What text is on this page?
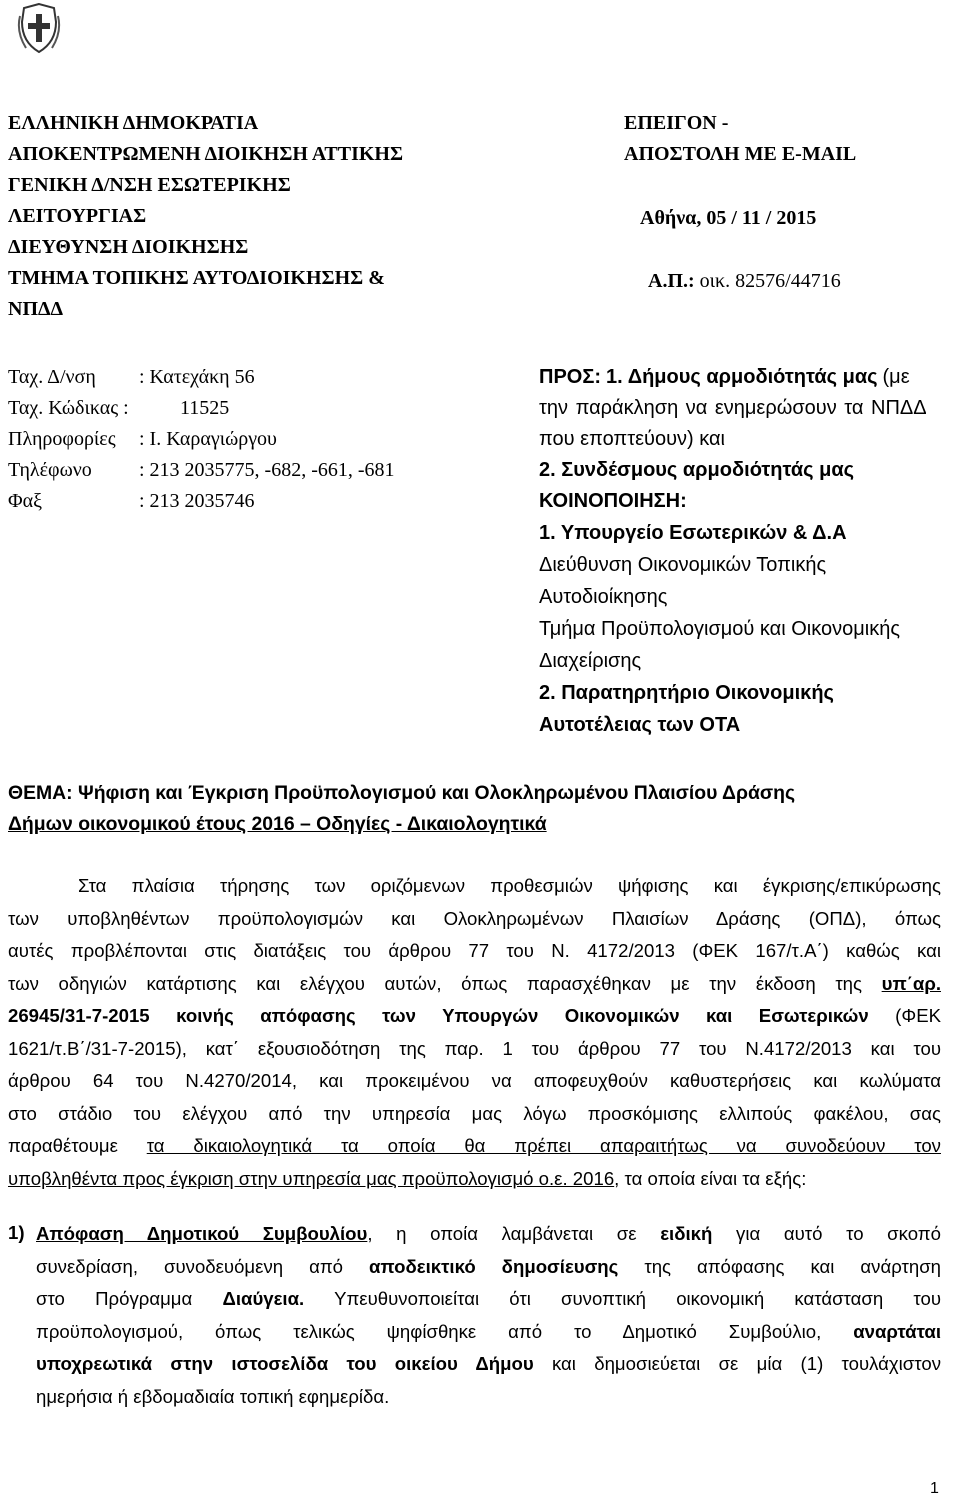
ΕΛΛΗΝΙΚΗ ΔΗΜΟΚΡΑΤΙΑ
ΑΠΟΚΕΝΤΡΩΜΕΝΗ ΔΙΟΙΚΗΣΗ ΑΤΤΙΚΗΣ
ΓΕΝΙΚΗ Δ/ΝΣΗ ΕΣΩΤΕΡΙΚΗΣ
ΛΕΙΤΟΥΡΓΙΑΣ
ΔΙΕΥΘΥΝΣΗ ΔΙΟΙΚΗΣΗΣ
ΤΜΗΜΑ ΤΟΠΙΚΗΣ ΑΥΤΟΔΙΟΙΚΗΣΗΣ &
ΝΠΔΔ
ΕΠΕΙΓΟΝ -
ΑΠΟΣΤΟΛΗ ΜΕ E-MAIL
Αθήνα, 05 / 11 / 2015
Α.Π.: οικ. 82576/44716
Ταχ. Δ/νση : Κατεχάκη 56
Ταχ. Κώδικας :	11525
Πληροφορίες : Ι. Καραγιώργου
Τηλέφωνο : 213 2035775, -682, -661, -681
Φαξ	: 213 2035746
ΠΡΟΣ: 1. Δήμους αρμοδιότητάς μας (με
την παράκληση να ενημερώσουν τα ΝΠΔΔ
που εποπτεύουν) και
2. Συνδέσμους αρμοδιότητάς μας
ΚΟΙΝΟΠΟΙΗΣΗ:
1. Υπουργείο Εσωτερικών & Δ.Α
Διεύθυνση Οικονομικών Τοπικής
Αυτοδιοίκησης
Τμήμα Προϋπολογισμού και Οικονομικής
Διαχείρισης
2. Παρατηρητήριο Οικονομικής
Αυτοτέλειας των ΟΤΑ
ΘΕΜΑ: Ψήφιση και Έγκριση Προϋπολογισμού και Ολοκληρωμένου Πλαισίου Δράσης
Δήμων οικονομικού έτους 2016 – Οδηγίες - Δικαιολογητικά
Στα πλαίσια τήρησης των οριζόμενων προθεσμιών ψήφισης και έγκρισης/επικύρωσης
των υποβληθέντων προϋπολογισμών και Ολοκληρωμένων Πλαισίων Δράσης (ΟΠΔ), όπως
αυτές προβλέπονται στις διατάξεις του άρθρου 77 του Ν. 4172/2013 (ΦΕΚ 167/τ.Α΄) καθώς και
των οδηγιών κατάρτισης και ελέγχου αυτών, όπως παρασχέθηκαν με την έκδοση της υπ΄αρ.
26945/31-7-2015 κοινής απόφασης των Υπουργών Οικονομικών και Εσωτερικών (ΦΕΚ
1621/τ.Β΄/31-7-2015), κατ΄ εξουσιοδότηση της παρ. 1 του άρθρου 77 του Ν.4172/2013 και του
άρθρου 64 του Ν.4270/2014, και προκειμένου να αποφευχθούν καθυστερήσεις και κωλύματα
στο στάδιο του ελέγχου από την υπηρεσία μας λόγω προσκόμισης ελλιπούς φακέλου, σας
παραθέτουμε τα δικαιολογητικά τα οποία θα πρέπει απαραιτήτως να συνοδεύουν τον
υποβληθέντα προς έγκριση στην υπηρεσία μας προϋπολογισμό ο.ε. 2016, τα οποία είναι τα εξής:
1) Απόφαση Δημοτικού Συμβουλίου, η οποία λαμβάνεται σε ειδική για αυτό το σκοπό
συνεδρίαση, συνοδευόμενη από αποδεικτικό δημοσίευσης της απόφασης και ανάρτηση
στο Πρόγραμμα Διαύγεια. Υπευθυνοποιείται ότι συνοπτική οικονομική κατάσταση του
προϋπολογισμού, όπως τελικώς ψηφίσθηκε από το Δημοτικό Συμβούλιο, αναρτάται
υποχρεωτικά στην ιστοσελίδα του οικείου Δήμου και δημοσιεύεται σε μία (1) τουλάχιστον
ημερήσια ή εβδομαδιαία τοπική εφημερίδα.
1
